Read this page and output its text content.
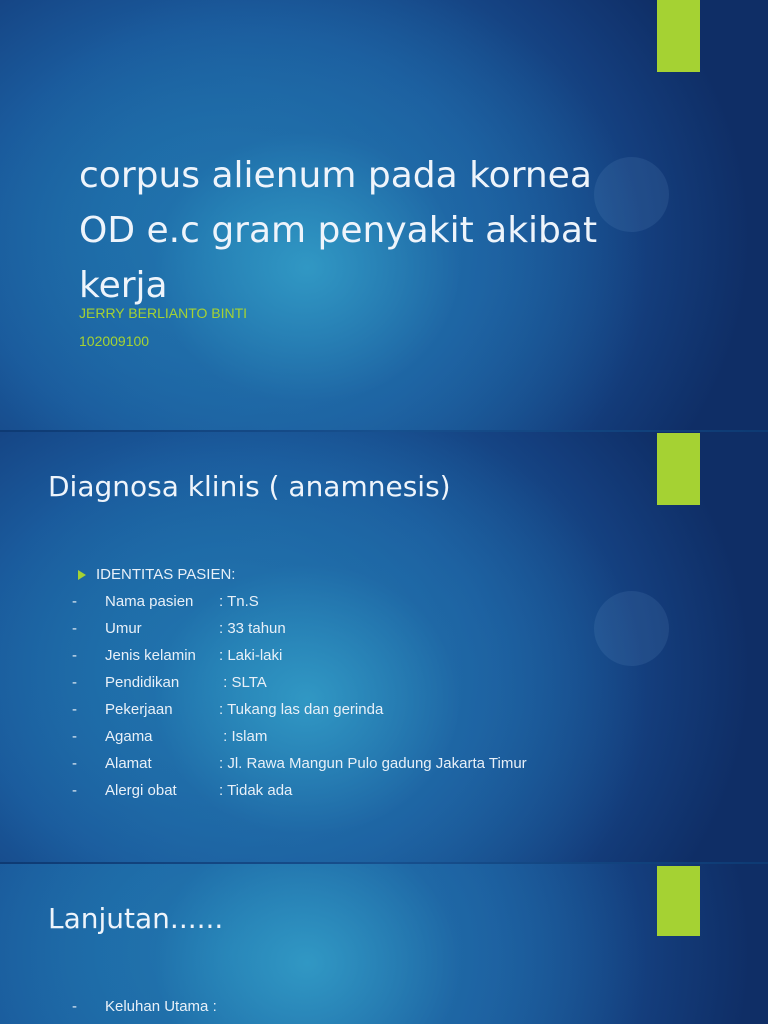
corpus alienum pada kornea OD e.c gram penyakit akibat kerja

JERRY BERLIANTO BINTI

102009100

Diagnosa klinis ( anamnesis)
IDENTITAS PASIEN:
-	Nama pasien	: Tn.S
-	Umur	: 33 tahun
-	Jenis kelamin	: Laki-laki
-	Pendidikan	: SLTA
-	Pekerjaan	: Tukang las dan gerinda
-	Agama	: Islam
-	Alamat	: Jl. Rawa Mangun Pulo gadung Jakarta Timur
-	Alergi obat	: Tidak ada
Lanjutan......
-	Keluhan Utama :
